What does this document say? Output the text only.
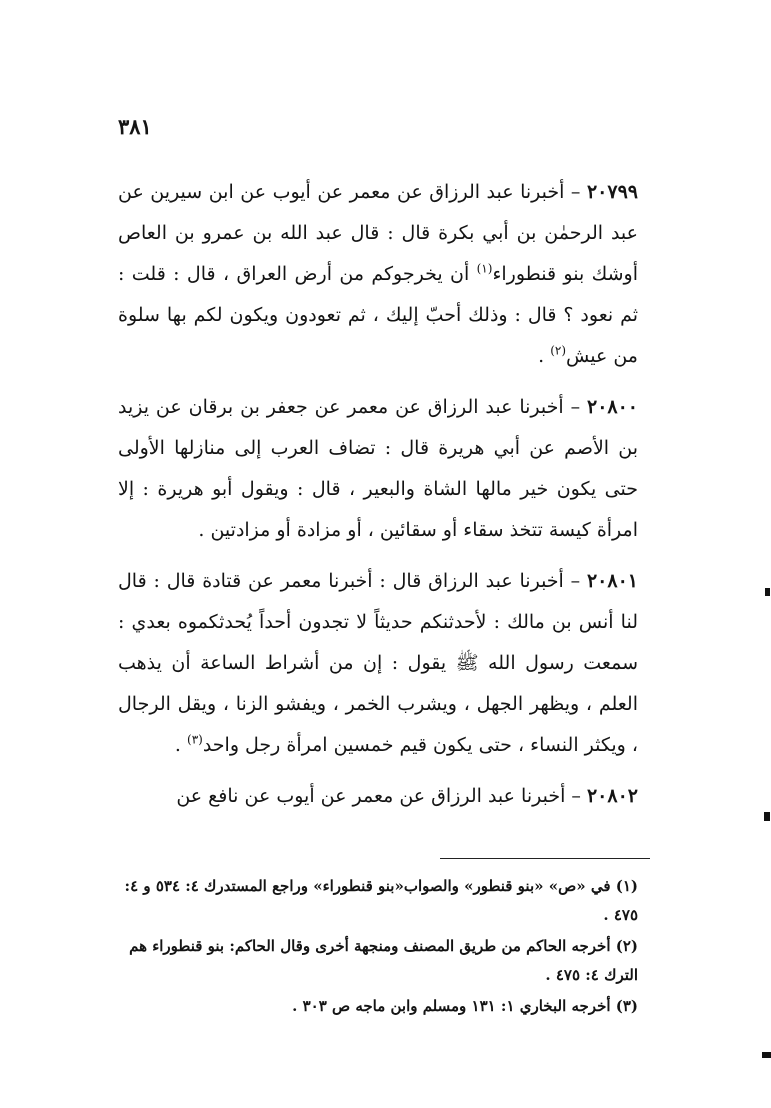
٣٨١

٢٠٧٩٩ – أخبرنا عبد الرزاق عن معمر عن أيوب عن ابن سيرين عن عبد الرحمٰن بن أبي بكرة قال : قال عبد الله بن عمرو بن العاص أوشك بنو قنطوراء$^{(١)}$ أن يخرجوكم من أرض العراق ، قال : قلت : ثم نعود ؟ قال : وذلك أحبّ إليك ، ثم تعودون ويكون لكم بها سلوة من عيش$^{(٢)}$ .

٢٠٨٠٠ – أخبرنا عبد الرزاق عن معمر عن جعفر بن برقان عن يزيد بن الأصم عن أبي هريرة قال : تضاف العرب إلى منازلها الأولى حتى يكون خير مالها الشاة والبعير ، قال : ويقول أبو هريرة : إلا امرأة كيسة تتخذ سقاء أو سقائين ، أو مزادة أو مزادتين .

٢٠٨٠١ – أخبرنا عبد الرزاق قال : أخبرنا معمر عن قتادة قال : قال لنا أنس بن مالك : لأحدثنكم حديثاً لا تجدون أحداً يُحدثكموه بعدي : سمعت رسول الله ﷺ يقول : إن من أشراط الساعة أن يذهب العلم ، ويظهر الجهل ، ويشرب الخمر ، ويفشو الزنا ، ويقل الرجال ، ويكثر النساء ، حتى يكون قيم خمسين امرأة رجل واحد$^{(٣)}$ .

٢٠٨٠٢ – أخبرنا عبد الرزاق عن معمر عن أيوب عن نافع عن

(١) في «ص» «بنو قنطور» والصواب«بنو قنطوراء» وراجع المستدرك ٤: ٥٣٤ و ٤: ٤٧٥ .

(٢) أخرجه الحاكم من طريق المصنف ومنجهة أخرى وقال الحاكم: بنو قنطوراء هم الترك ٤: ٤٧٥ .

(٣) أخرجه البخاري ١: ١٣١ ومسلم وابن ماجه ص ٣٠٣ .
